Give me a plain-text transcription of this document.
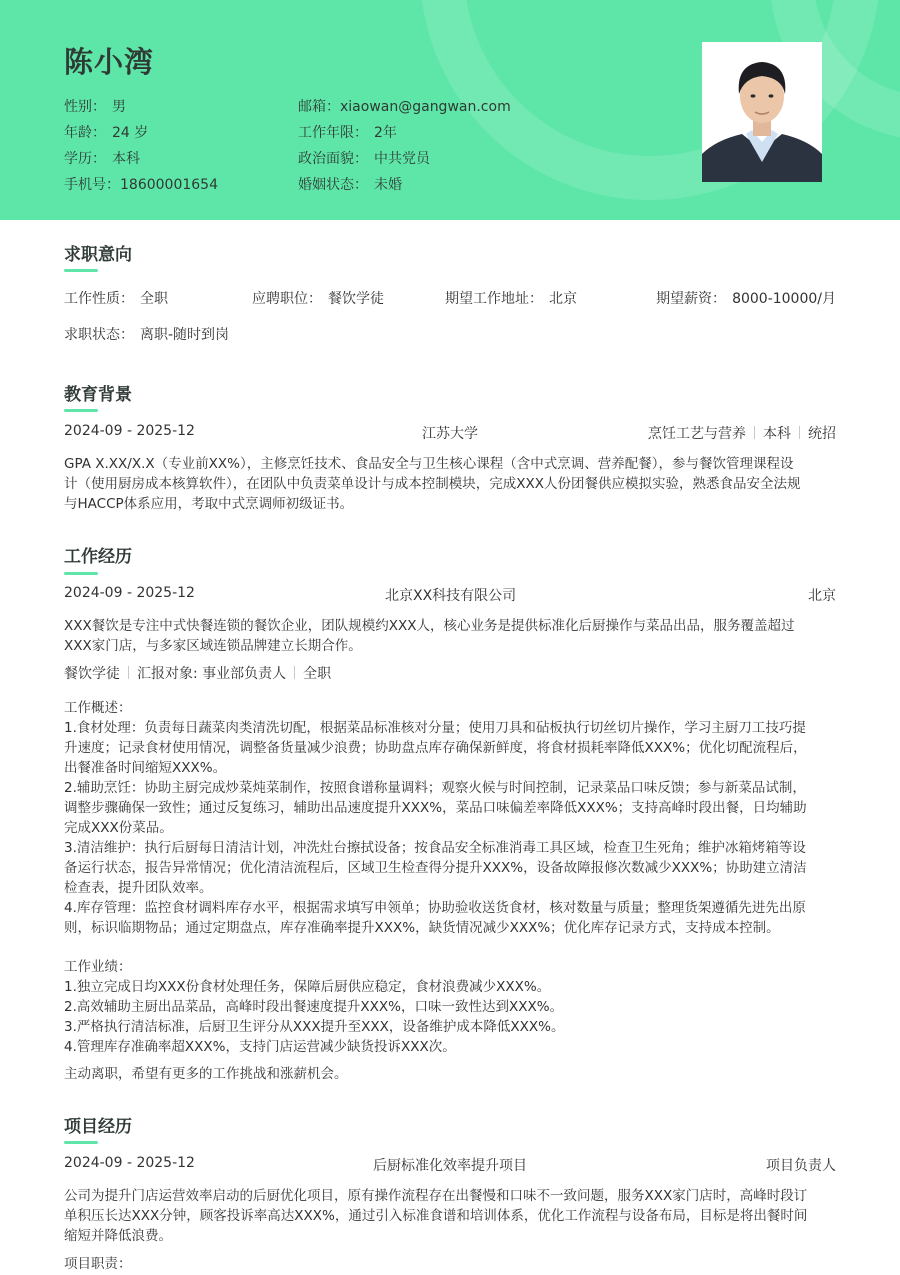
陈小湾
性别： 男	邮箱：xiaowan@gangwan.com
年龄： 24 岁	工作年限： 2年
学历： 本科	政治面貌： 中共党员
手机号：18600001654	婚姻状态： 未婚
求职意向
工作性质： 全职	应聘职位： 餐饮学徒	期望工作地址： 北京	期望薪资： 8000-10000/月
求职状态： 离职-随时到岗
教育背景
2024-09 - 2025-12	江苏大学	烹饪工艺与营养 本科 统招
GPA X.XX/X.X（专业前XX%），主修烹饪技术、食品安全与卫生核心课程（含中式烹调、营养配餐），参与餐饮管理课程设
计（使用厨房成本核算软件），在团队中负责菜单设计与成本控制模块，完成XXX人份团餐供应模拟实验，熟悉食品安全法规
与HACCP体系应用，考取中式烹调师初级证书。
工作经历
2024-09 - 2025-12	北京XX科技有限公司	北京
XXX餐饮是专注中式快餐连锁的餐饮企业，团队规模约XXX人，核心业务是提供标准化后厨操作与菜品出品，服务覆盖超过
XXX家门店，与多家区域连锁品牌建立长期合作。
餐饮学徒 汇报对象: 事业部负责人 全职
工作概述：
1.食材处理：负责每日蔬菜肉类清洗切配，根据菜品标准核对分量；使用刀具和砧板执行切丝切片操作，学习主厨刀工技巧提
升速度；记录食材使用情况，调整备货量减少浪费；协助盘点库存确保新鲜度，将食材损耗率降低XXX%；优化切配流程后，
出餐准备时间缩短XXX%。
2.辅助烹饪：协助主厨完成炒菜炖菜制作，按照食谱称量调料；观察火候与时间控制，记录菜品口味反馈；参与新菜品试制，
调整步骤确保一致性；通过反复练习，辅助出品速度提升XXX%，菜品口味偏差率降低XXX%；支持高峰时段出餐，日均辅助
完成XXX份菜品。
3.清洁维护：执行后厨每日清洁计划，冲洗灶台擦拭设备；按食品安全标准消毒工具区域，检查卫生死角；维护冰箱烤箱等设
备运行状态，报告异常情况；优化清洁流程后，区域卫生检查得分提升XXX%，设备故障报修次数减少XXX%；协助建立清洁
检查表，提升团队效率。
4.库存管理：监控食材调料库存水平，根据需求填写申领单；协助验收送货食材，核对数量与质量；整理货架遵循先进先出原
则，标识临期物品；通过定期盘点，库存准确率提升XXX%，缺货情况减少XXX%；优化库存记录方式，支持成本控制。
工作业绩：
1.独立完成日均XXX份食材处理任务，保障后厨供应稳定，食材浪费减少XXX%。
2.高效辅助主厨出品菜品，高峰时段出餐速度提升XXX%，口味一致性达到XXX%。
3.严格执行清洁标准，后厨卫生评分从XXX提升至XXX，设备维护成本降低XXX%。
4.管理库存准确率超XXX%，支持门店运营减少缺货投诉XXX次。
主动离职，希望有更多的工作挑战和涨薪机会。
项目经历
2024-09 - 2025-12	后厨标准化效率提升项目	项目负责人
公司为提升门店运营效率启动的后厨优化项目，原有操作流程存在出餐慢和口味不一致问题，服务XXX家门店时，高峰时段订
单积压长达XXX分钟，顾客投诉率高达XXX%，通过引入标准食谱和培训体系，优化工作流程与设备布局，目标是将出餐时间
缩短并降低浪费。
项目职责：
